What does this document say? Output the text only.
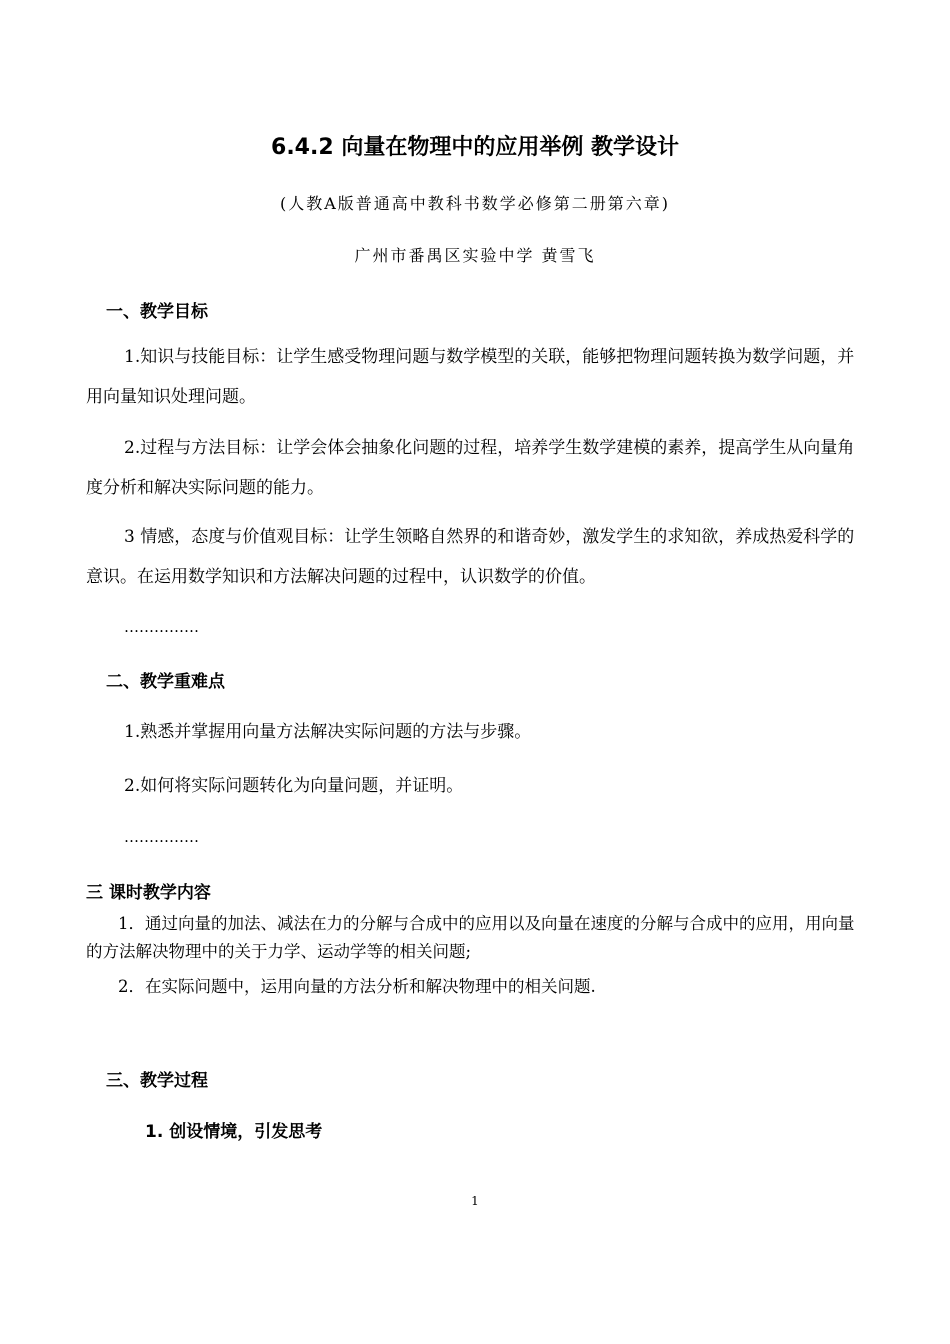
6.4.2 向量在物理中的应用举例 教学设计
(人教A版普通高中教科书数学必修第二册第六章)
广州市番禺区实验中学 黄雪飞
一、教学目标
1.知识与技能目标：让学生感受物理问题与数学模型的关联，能够把物理问题转换为数学问题，并用向量知识处理问题。
2.过程与方法目标：让学会体会抽象化问题的过程，培养学生数学建模的素养，提高学生从向量角度分析和解决实际问题的能力。
3 情感，态度与价值观目标：让学生领略自然界的和谐奇妙，激发学生的求知欲，养成热爱科学的意识。在运用数学知识和方法解决问题的过程中，认识数学的价值。
……………
二、教学重难点
1.熟悉并掌握用向量方法解决实际问题的方法与步骤。
2.如何将实际问题转化为向量问题，并证明。
……………
三 课时教学内容
1．通过向量的加法、减法在力的分解与合成中的应用以及向量在速度的分解与合成中的应用，用向量的方法解决物理中的关于力学、运动学等的相关问题;
2．在实际问题中，运用向量的方法分析和解决物理中的相关问题.
三、教学过程
1. 创设情境，引发思考
1
